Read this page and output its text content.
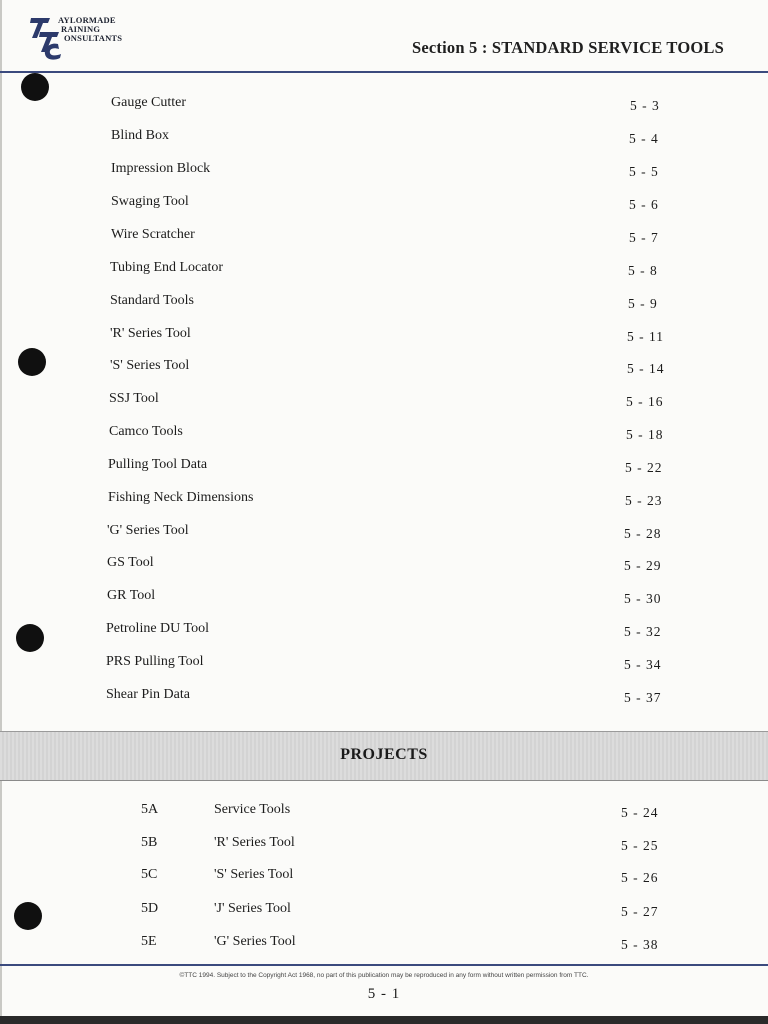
AYLORMADE
RAINING
ONSULTANTS	Section 5 : STANDARD SERVICE TOOLS
Gauge Cutter	5 - 3
Blind Box	5 - 4
Impression Block	5 - 5
Swaging Tool	5 - 6
Wire Scratcher	5 - 7
Tubing End Locator	5 - 8
Standard Tools	5 - 9
'R' Series Tool	5 - 11
'S' Series Tool	5 - 14
SSJ Tool	5 - 16
Camco Tools	5 - 18
Pulling Tool Data	5 - 22
Fishing Neck Dimensions	5 - 23
'G' Series Tool	5 - 28
GS Tool	5 - 29
GR Tool	5 - 30
Petroline DU Tool	5 - 32
PRS Pulling Tool	5 - 34
Shear Pin Data	5 - 37
PROJECTS
5A	Service Tools	5 - 24
5B	'R' Series Tool	5 - 25
5C	'S' Series Tool	5 - 26
5D	'J' Series Tool	5 - 27
5E	'G' Series Tool	5 - 38
©TTC 1994. Subject to the Copyright Act 1968, no part of this publication may be reproduced in any form without written permission from TTC.
5 - 1
